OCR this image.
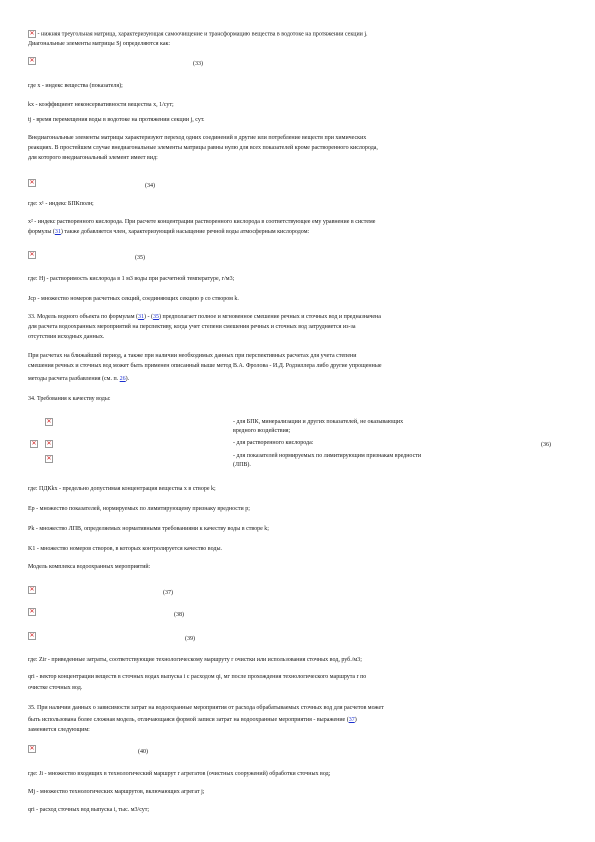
✕ - нижняя треугольная матрица, характеризующая самоочищение и трансформацию вещества в водотоке на протяжении секции j.
Диагональные элементы матрицы Sj определяются как:
✕
(33)
где x - индекс вещества (показателя);
kx - коэффициент неконсервативности вещества x, 1/сут;
tj - время перемещения воды в водотоке на протяжении секции j, сут.
Внедиагональные элементы матрицы характеризуют переход одних соединений в другие или потребление веществ при химических
реакциях. В простейшем случае внедиагональные элементы матрицы равны нулю для всех показателей кроме растворенного кислорода,
для которого внедиагональный элемент имеет вид:
✕
(34)
где: x¹ - индекс БПКполн;
x² - индекс растворенного кислорода. При расчете концентрации растворенного кислорода в соответствующее ему уравнение в системе
формулы (31) также добавляется член, характеризующий насыщение речной воды атмосферным кислородом:
✕
(35)
где: Hj - растворимость кислорода в 1 м3 воды при расчетной температуре, г/м3;
Jср - множество номеров расчетных секций, соединяющих секцию р со створом k.
33. Модель водного объекта по формулам (31) - (35) предполагает полное и мгновенное смешение речных и сточных вод и предназначена
для расчета водоохранных мероприятий на перспективу, когда учет степени смешения речных и сточных вод затрудняется из-за
отсутствия исходных данных.
При расчетах на ближайший период, а также при наличии необходимых данных при перспективных расчетах для учета степени
смешения речных и сточных вод может быть применен описанный выше метод В.А. Фролова - И.Д. Родзиллера либо другие упрощенные
методы расчета разбавления (см. п. 26).
34. Требования к качеству воды:
✕
✕
✕
✕
- для БПК, минерализации и других показателей, не оказывающих
вредного воздействия;
- для растворенного кислорода:
- для показателей нормируемых по лимитирующим признакам вредности
(ЛПВ).
(36)
где: ПДКkx - предельно допустимая концентрация вещества x в створе k;
Ep - множество показателей, нормируемых по лимитирующему признаку вредности p;
Pk - множество ЛПВ, определяемых нормативными требованиями к качеству воды в створе k;
K1 - множество номеров створов, в которых контролируется качество воды.
Модель комплекса водоохранных мероприятий:
✕
(37)
✕
(38)
✕
(39)
где: Zir - приведенные затраты, соответствующие технологическому маршруту r очистки или использования сточных вод, руб./м3;
qri - вектор концентрации веществ в сточных водах выпуска i с расходом qi, мг после прохождения технологического маршрута r по
очистке сточных вод.
35. При наличии данных о зависимости затрат на водоохранные мероприятия от расхода обрабатываемых сточных вод для расчетов может
быть использована более сложная модель, отличающаяся формой записи затрат на водоохранные мероприятия - выражение (37)
заменяется следующим:
✕
(40)
где: Ji - множество входящих в технологический маршрут r агрегатов (очистных сооружений) обработки сточных вод;
Mj - множество технологических маршрутов, включающих агрегат j;
qri - расход сточных вод выпуска i, тыс. м3/сут;
